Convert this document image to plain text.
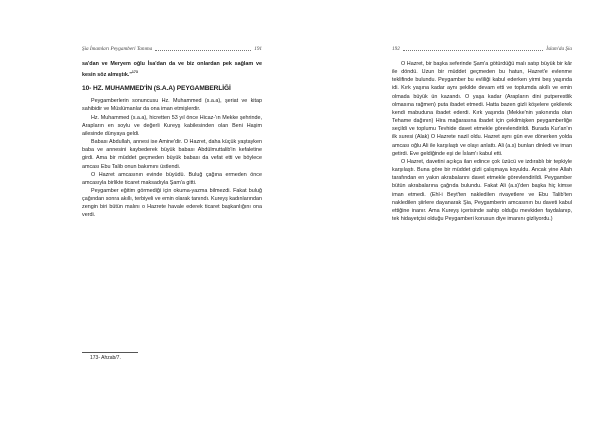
Şia İmamları Peygamberi Tanıma	191

sa'dan ve Meryem oğlu İsa'dan da ve biz onlardan pek sağlam ve kesin söz almıştık."$^{173}$

10- HZ. MUHAMMED'İN (S.A.A) PEYGAMBERLİĞİ

Peygamberlerin sonuncusu Hz. Muhammed (s.a.a), şeriat ve kitap sahibidir ve Müslümanlar da ona iman etmişlerdir.

Hz. Muhammed (s.a.a), hicretten 53 yıl önce Hicaz-'ın Mekke şehrinde, Arapların en soylu ve değerli Kureyş kabilesinden olan Beni Haşim ailesinde dünyaya geldi.

Babası Abdullah, annesi ise Amine'dir. O Hazret, daha küçük yaştayken baba ve annesini kaybederek büyük babası Abdülmuttalib'in kefaletine girdi. Ama bir müddet geçmeden büyük babası da vefat etti ve böylece amcası Ebu Talib onun bakımını üstlendi.

O Hazret amcasının evinde büyüdü. Buluğ çağına ermeden önce amcasıyla birlikte ticaret maksadıyla Şam'a gitti.

Peygamber eğitim görmediği için okuma-yazma bilmezdi. Fakat buluğ çağından sonra akıllı, terbiyeli ve emin olarak tanındı. Kureyş kadınlarından zengin biri bütün malını o Hazrete havale ederek ticaret başkanlığını ona verdi.

173- Ahzab/7.
192	İslam'da Şia

O Hazret, bir başka seferinde Şam'a götürdüğü malı satıp büyük bir kâr ile döndü. Uzun bir müddet geçmeden bu hatun, Hazret'e evlenme teklifinde bulundu. Peygamber bu evliliği kabul ederken yirmi beş yaşında idi. Kırk yaşına kadar aynı şekilde devam etti ve toplumda akıllı ve emin olmada büyük ün kazandı. O yaşa kadar (Arapların dini putperestlik olmasına rağmen) puta ibadet etmedi. Hatta bazen gizli köşelere çekilerek kendi mabuduna ibadet ederdi. Kırk yaşında (Mekke'nin yakınında olan Tehame dağının) Hira mağarasına ibadet için çekilmişken peygamberliğe seçildi ve toplumu Tevhide davet etmekle görevlendirildi. Burada Kur'an'ın ilk suresi (Alak) O Hazrete nazil oldu. Hazret aynı gün eve dönerken yolda amcası oğlu Ali ile karşılaştı ve olayı anlattı. Ali (a.s) bunları dinledi ve iman getirdi. Eve geldiğinde eşi de İslam'ı kabul etti.

O Hazret, davetini açıkça ilan edince çok üzücü ve izdırablı bir tepkiyle karşılaştı. Buna göre bir müddet gizli çalışmaya koyuldu. Ancak yine Allah tarafından en yakın akrabalarını davet etmekle görevlendirildi. Peygamber bütün akrabalarına çağrıda bulundu. Fakat Ali (a.s)'den başka hiç kimse iman etmedi. (Ehl-i Beyt'ten nakledilen rivayetlere ve Ebu Talib'ten nakledilen şiirlere dayanarak Şia, Peygamberin amcasının bu daveti kabul ettiğine inanır. Ama Kureyş içerisinde sahip olduğu mevkiden faydalanıp, tek hidayetçisi olduğu Peygamberi korusun diye imanını gizliyordu.)
